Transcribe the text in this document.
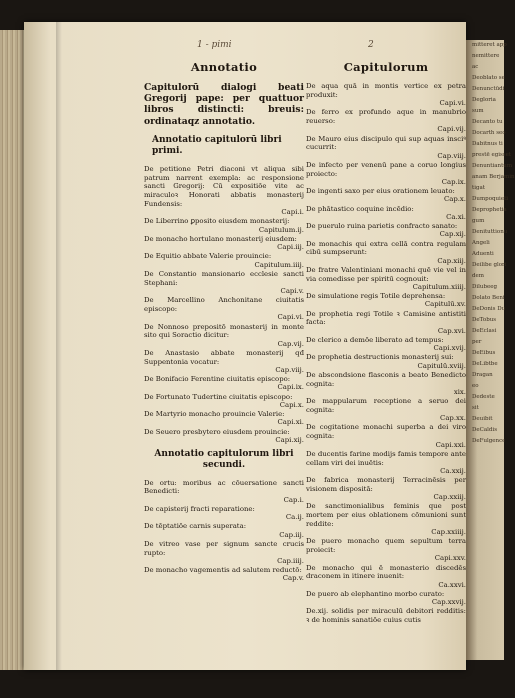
mitteret app
nemittere
ac
Deoblato se
Denunctūdi
Degloria
sum
Decanto tu
Docarth seo
Dabitnus ti
prestē egisset
Denuntiantum
anam Berjamin
tigat
Dumpoquieti
Deprophetia
gum
Denituttionu
Angeli
Aduenti
Deilibe glori
dem
Dilubeeg
Dolato Beni
DeDonis Du
DeTobus
DeEclasi
per
DeEibus
DeLibtbe
Dragan
eo
Dedeste
sit
Deuibit
DeCaldis
DeFulgence
1 - pimi	2
Annotatio
Capitulorū dialogi beati Gregorij pape: per quattuor libros distincti: breuis: ordinataqz annotatio.
Annotatio capitulorū libri primi.
De petitione Petri diaconi vt aliqua sibi patrum narrent exempla: ac responsione sancti Gregorij: Cū expositiōe vite ac miraculoꝛ Honorati abbatis monasterij Fundensis:
Capi.i.
De Liberrino ꝑposito eiusdem monasterij:
Capitulum.ij.
De monacho hortulano monasterij eiusdem:
Capi.iij.
De Equitio abbate Valerie prouincie:
Capitulum.iiij.
De Constantio mansionario ecclesie sancti Stephani:
Capi.v.
De Marcellino Anchonitane ciuitatis episcopo:
Capi.vi.
De Nonnoso prepositō monasterij in monte sito qui Soractio dicitur:
Cap.vij.
De Anastasio abbate monasterij qđ Suppentonia vocatur:
Cap.viij.
De Bonifacio Ferentine ciuitatis episcopo:
Capi.ix.
De Fortunato Tudertine ciuitatis episcopo:
Capi.x.
De Martyrio monacho prouincie Valerie:
Capi.xi.
De Seuero presbytero eiusdem prouincie:
Capi.xij.
Annotatio capitulorum libri secundi.
De ortu: moribus ac cōuersatione sancti Benedicti:
Cap.i.
De capisterij fracti reparatione:
Ca.ij.
De tēptatiōe carnis superata:
Cap.iij.
De vitreo vase per signum sancte crucis rupto:
Cap.iiij.
De monacho vagementis ad salutem reductō:
Cap.v.
Capitulorum
De aqua quā in montis vertice ex petra produxit:
Capi.vi.
De ferro ex profundo aque in manubrio reuerso:
Capi.vij.
De Mauro eius discipulo qui sup aquas insciꝰ cucurrit:
Cap.viij.
De infecto per venenū pane a coruo longius proiecto:
Cap.ix.
De ingenti saxo per eius orationem leuato:
Cap.x.
De phātastico coquine incēdio:
Ca.xi.
De puerulo ruina parietis confracto sanato:
Cap.xij.
De monachis qui extra cellā contra regulam cibū sumpserunt:
Cap.xiij.
De fratre Valentiniani monachi quē vie vel in via comedisse per spiritū cognouit:
Capitulum.xiiij.
De simulatione regis Totile deprehensa:
Capitulū.xv.
De prophetia regi Totile ꝛ Camisine antistiti facta:
Cap.xvi.
De clerico a demōe liberato ad tempus:
Capi.xvij.
De prophetia destructionis monasterij sui:
Capitulū.xviij.
De abscondsione flasconis a beato Benedicto cognita:
xix.
De mappularum receptione a seruo dei cognita:
Cap.xx.
De cogitatione monachi superba a dei viro cognita:
Capi.xxi.
De ducentis farine modijs famis tempore ante cellam viri dei inuētis:
Ca.xxij.
De fabrica monasterij Terracinēsis per visionem dispositā:
Cap.xxiij.
De sanctimonialibus feminis que post mortem per eius oblationem cōmunioni sunt reddite:
Cap.xxiiij.
De puero monacho quem sepultum terra proiecit:
Capi.xxv.
De monacho qui ē monasterio discedēs draconem in itinere inuenit:
Ca.xxvi.
De puero ab elephantino morbo curato:
Cap.xxvij.
De.xij. solidis per miraculū debitori redditis: ꝛ de hominis sanatiōe cuius cutis
